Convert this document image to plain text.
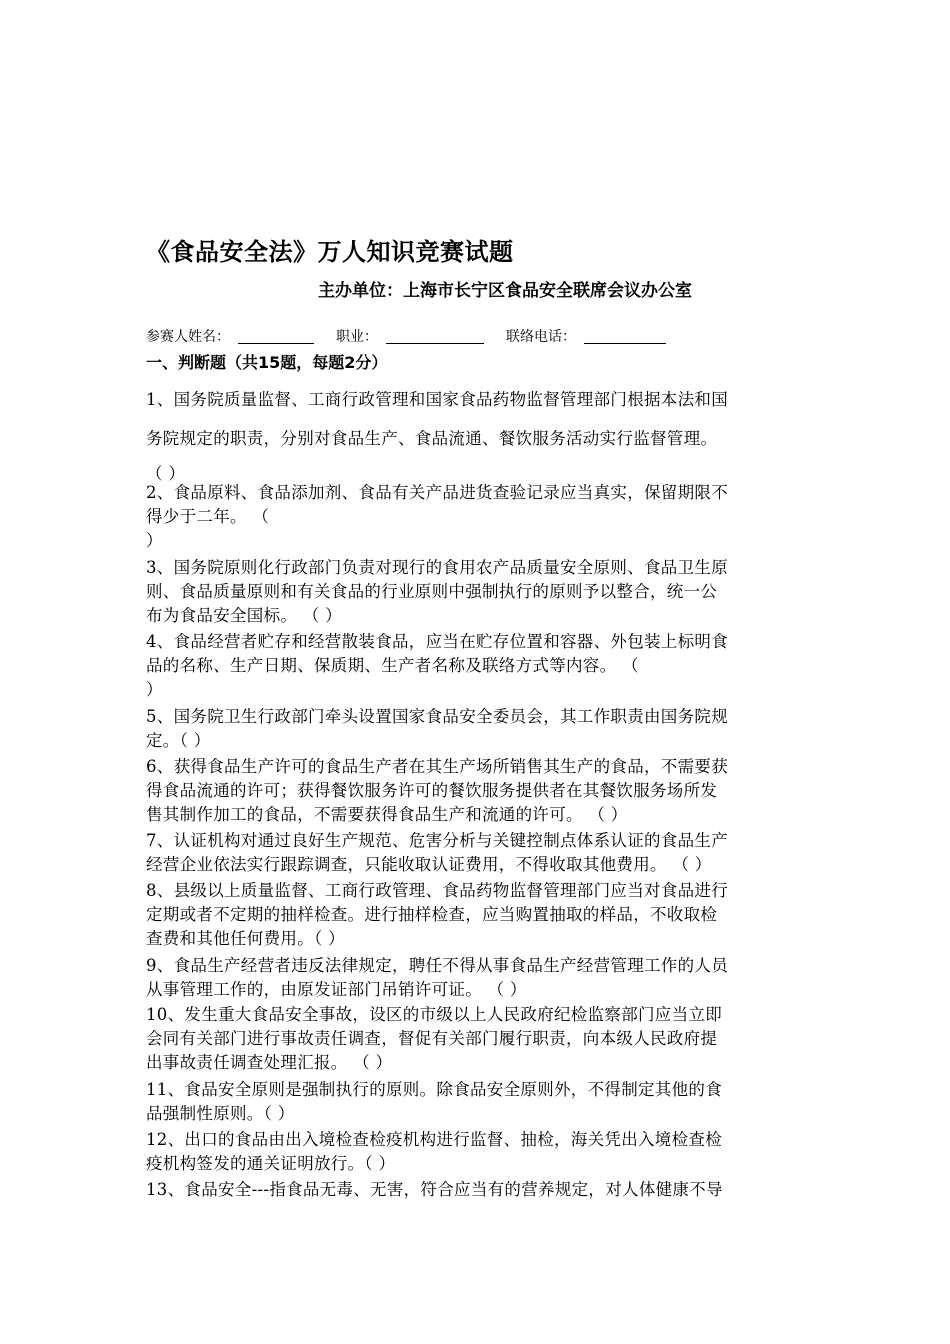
《食品安全法》万人知识竞赛试题
主办单位：上海市长宁区食品安全联席会议办公室
参赛人姓名：	职业：	联络电话：
一、判断题（共15题，每题2分）

1、国务院质量监督、工商行政管理和国家食品药物监督管理部门根据本法和国

务院规定的职责，分别对食品生产、食品流通、餐饮服务活动实行监督管理。

（ ）

2、食品原料、食品添加剂、食品有关产品进货查验记录应当真实，保留期限不

得少于二年。 （

）

3、国务院原则化行政部门负责对现行的食用农产品质量安全原则、食品卫生原

则、食品质量原则和有关食品的行业原则中强制执行的原则予以整合，统一公

布为食品安全国标。 （ ）

4、食品经营者贮存和经营散装食品，应当在贮存位置和容器、外包装上标明食

品的名称、生产日期、保质期、生产者名称及联络方式等内容。 （

）

5、国务院卫生行政部门牵头设置国家食品安全委员会，其工作职责由国务院规

定。（ ）

6、获得食品生产许可的食品生产者在其生产场所销售其生产的食品，不需要获

得食品流通的许可；获得餐饮服务许可的餐饮服务提供者在其餐饮服务场所发

售其制作加工的食品，不需要获得食品生产和流通的许可。 （ ）

7、认证机构对通过良好生产规范、危害分析与关键控制点体系认证的食品生产

经营企业依法实行跟踪调查，只能收取认证费用，不得收取其他费用。 （ ）

8、县级以上质量监督、工商行政管理、食品药物监督管理部门应当对食品进行

定期或者不定期的抽样检查。进行抽样检查，应当购置抽取的样品，不收取检

查费和其他任何费用。（ ）

9、食品生产经营者违反法律规定，聘任不得从事食品生产经营管理工作的人员

从事管理工作的，由原发证部门吊销许可证。 （ ）

10、发生重大食品安全事故，设区的市级以上人民政府纪检监察部门应当立即

会同有关部门进行事故责任调查，督促有关部门履行职责，向本级人民政府提

出事故责任调查处理汇报。 （ ）

11、食品安全原则是强制执行的原则。除食品安全原则外，不得制定其他的食

品强制性原则。（ ）

12、出口的食品由出入境检查检疫机构进行监督、抽检，海关凭出入境检查检

疫机构签发的通关证明放行。（ ）

13、食品安全---指食品无毒、无害，符合应当有的营养规定，对人体健康不导
